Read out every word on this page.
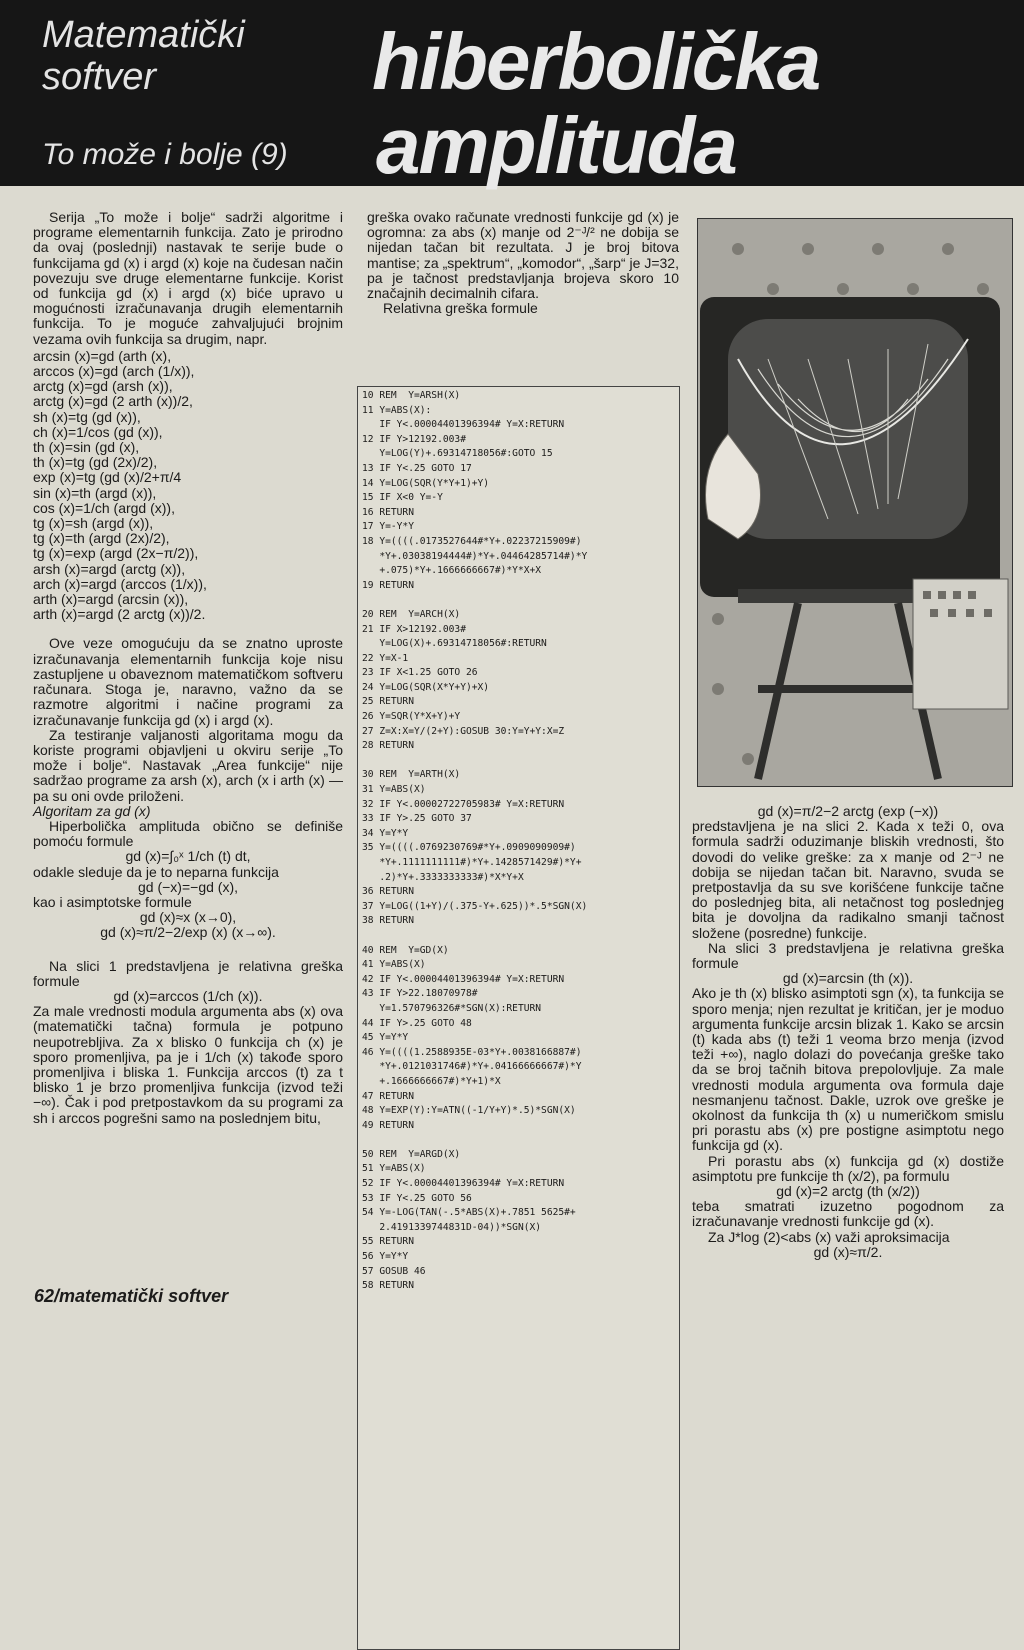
Matematički
softver
To može i bolje (9)
hiberbolička
amplituda

Serija „To može i bolje“ sadrži algoritme i programe elementarnih funkcija. Zato je prirodno da ovaj (poslednji) nastavak te serije bude o funkcijama gd (x) i argd (x) koje na čudesan način povezuju sve druge elementarne funkcije. Korist od funkcija gd (x) i argd (x) biće upravo u mogućnosti izračunavanja drugih elementarnih funkcija. To je moguće zahvaljujući brojnim vezama ovih funkcija sa drugim, napr.

arcsin (x)=gd (arth (x),
arccos (x)=gd (arch (1/x)),
arctg (x)=gd (arsh (x)),
arctg (x)=gd (2 arth (x))/2,
sh (x)=tg (gd (x)),
ch (x)=1/cos (gd (x)),
th (x)=sin (gd (x),
th (x)=tg (gd (2x)/2),
exp (x)=tg (gd (x)/2+π/4
sin (x)=th (argd (x)),
cos (x)=1/ch (argd (x)),
tg (x)=sh (argd (x)),
tg (x)=th (argd (2x)/2),
tg (x)=exp (argd (2x−π/2)),
arsh (x)=argd (arctg (x)),
arch (x)=argd (arccos (1/x)),
arth (x)=argd (arcsin (x)),
arth (x)=argd (2 arctg (x))/2.

Ove veze omogućuju da se znatno uproste izračunavanja elementarnih funkcija koje nisu zastupljene u obaveznom matematičkom softveru računara. Stoga je, naravno, važno da se razmotre algoritmi i načine programi za izračunavanje funkcija gd (x) i argd (x).

Za testiranje valjanosti algoritama mogu da koriste programi objavljeni u okviru serije „To može i bolje“. Nastavak „Area funkcije“ nije sadržao programe za arsh (x), arch (x i arth (x) — pa su oni ovde priloženi.

Algoritam za gd (x)

Hiperbolička amplituda obično se definiše pomoću formule

gd (x)=∫₀ˣ 1/ch (t) dt,

odakle sleduje da je to neparna funkcija

gd (−x)=−gd (x),

kao i asimptotske formule

gd (x)≈x (x→0),

gd (x)≈π/2−2/exp (x) (x→∞).

Na slici 1 predstavljena je relativna greška formule

gd (x)=arccos (1/ch (x)).

Za male vrednosti modula argumenta abs (x) ova (matematički tačna) formula je potpuno neupotrebljiva. Za x blisko 0 funkcija ch (x) je sporo promenljiva, pa je i 1/ch (x) takođe sporo promenljiva i bliska 1. Funkcija arccos (t) za t blisko 1 je brzo promenljiva funkcija (izvod teži −∞). Čak i pod pretpostavkom da su programi za sh i arccos pogrešni samo na poslednjem bitu,

greška ovako računate vrednosti funkcije gd (x) je ogromna: za abs (x) manje od 2⁻ᴶ/² ne dobija se nijedan tačan bit rezultata. J je broj bitova mantise; za „spektrum“, „komodor“, „šarp“ je J=32, pa je tačnost predstavljanja brojeva skoro 10 značajnih decimalnih cifara.

Relativna greška formule

10 REM  Y=ARSH(X)
11 Y=ABS(X):
IF Y<.00004401396394# Y=X:RETURN
12 IF Y>12192.003#
Y=LOG(Y)+.69314718056#:GOTO 15
13 IF Y<.25 GOTO 17
14 Y=LOG(SQR(Y*Y+1)+Y)
15 IF X<0 Y=-Y
16 RETURN
17 Y=-Y*Y
18 Y=((((.0173527644#*Y+.02237215909#)
*Y+.03038194444#)*Y+.04464285714#)*Y
+.075)*Y+.1666666667#)*Y*X+X
19 RETURN
20 REM  Y=ARCH(X)
21 IF X>12192.003#
Y=LOG(X)+.69314718056#:RETURN
22 Y=X-1
23 IF X<1.25 GOTO 26
24 Y=LOG(SQR(X*Y+Y)+X)
25 RETURN
26 Y=SQR(Y*X+Y)+Y
27 Z=X:X=Y/(2+Y):GOSUB 30:Y=Y+Y:X=Z
28 RETURN
30 REM  Y=ARTH(X)
31 Y=ABS(X)
32 IF Y<.00002722705983# Y=X:RETURN
33 IF Y>.25 GOTO 37
34 Y=Y*Y
35 Y=((((.0769230769#*Y+.0909090909#)
*Y+.1111111111#)*Y+.1428571429#)*Y+
.2)*Y+.3333333333#)*X*Y+X
36 RETURN
37 Y=LOG((1+Y)/(.375-Y+.625))*.5*SGN(X)
38 RETURN
40 REM  Y=GD(X)
41 Y=ABS(X)
42 IF Y<.00004401396394# Y=X:RETURN
43 IF Y>22.18070978#
Y=1.570796326#*SGN(X):RETURN
44 IF Y>.25 GOTO 48
45 Y=Y*Y
46 Y=((((1.2588935E-03*Y+.0038166887#)
*Y+.0121031746#)*Y+.04166666667#)*Y
+.1666666667#)*Y+1)*X
47 RETURN
48 Y=EXP(Y):Y=ATN((-1/Y+Y)*.5)*SGN(X)
49 RETURN
50 REM  Y=ARGD(X)
51 Y=ABS(X)
52 IF Y<.00004401396394# Y=X:RETURN
53 IF Y<.25 GOTO 56
54 Y=-LOG(TAN(-.5*ABS(X)+.7851 5625#+
2.4191339744831D-04))*SGN(X)
55 RETURN
56 Y=Y*Y
57 GOSUB 46
58 RETURN

gd (x)=π/2−2 arctg (exp (−x))

predstavljena je na slici 2. Kada x teži 0, ova formula sadrži oduzimanje bliskih vrednosti, što dovodi do velike greške: za x manje od 2⁻ᴶ ne dobija se nijedan tačan bit. Naravno, svuda se pretpostavlja da su sve korišćene funkcije tačne do poslednjeg bita, ali netačnost tog poslednjeg bita je dovoljna da radikalno smanji tačnost složene (posredne) funkcije.

Na slici 3 predstavljena je relativna greška formule

gd (x)=arcsin (th (x)).

Ako je th (x) blisko asimptoti sgn (x), ta funkcija se sporo menja; njen rezultat je kritičan, jer je moduo argumenta funkcije arcsin blizak 1. Kako se arcsin (t) kada abs (t) teži 1 veoma brzo menja (izvod teži +∞), naglo dolazi do povećanja greške tako da se broj tačnih bitova prepolovljuje. Za male vrednosti modula argumenta ova formula daje nesmanjenu tačnost. Dakle, uzrok ove greške je okolnost da funkcija th (x) u numeričkom smislu pri porastu abs (x) pre postigne asimptotu nego funkcija gd (x).

Pri porastu abs (x) funkcija gd (x) dostiže asimptotu pre funkcije th (x/2), pa formulu

gd (x)=2 arctg (th (x/2))

teba smatrati izuzetno pogodnom za izračunavanje vrednosti funkcije gd (x).

Za J*log (2)<abs (x) važi aproksimacija

gd (x)≈π/2.

62/matematički softver
